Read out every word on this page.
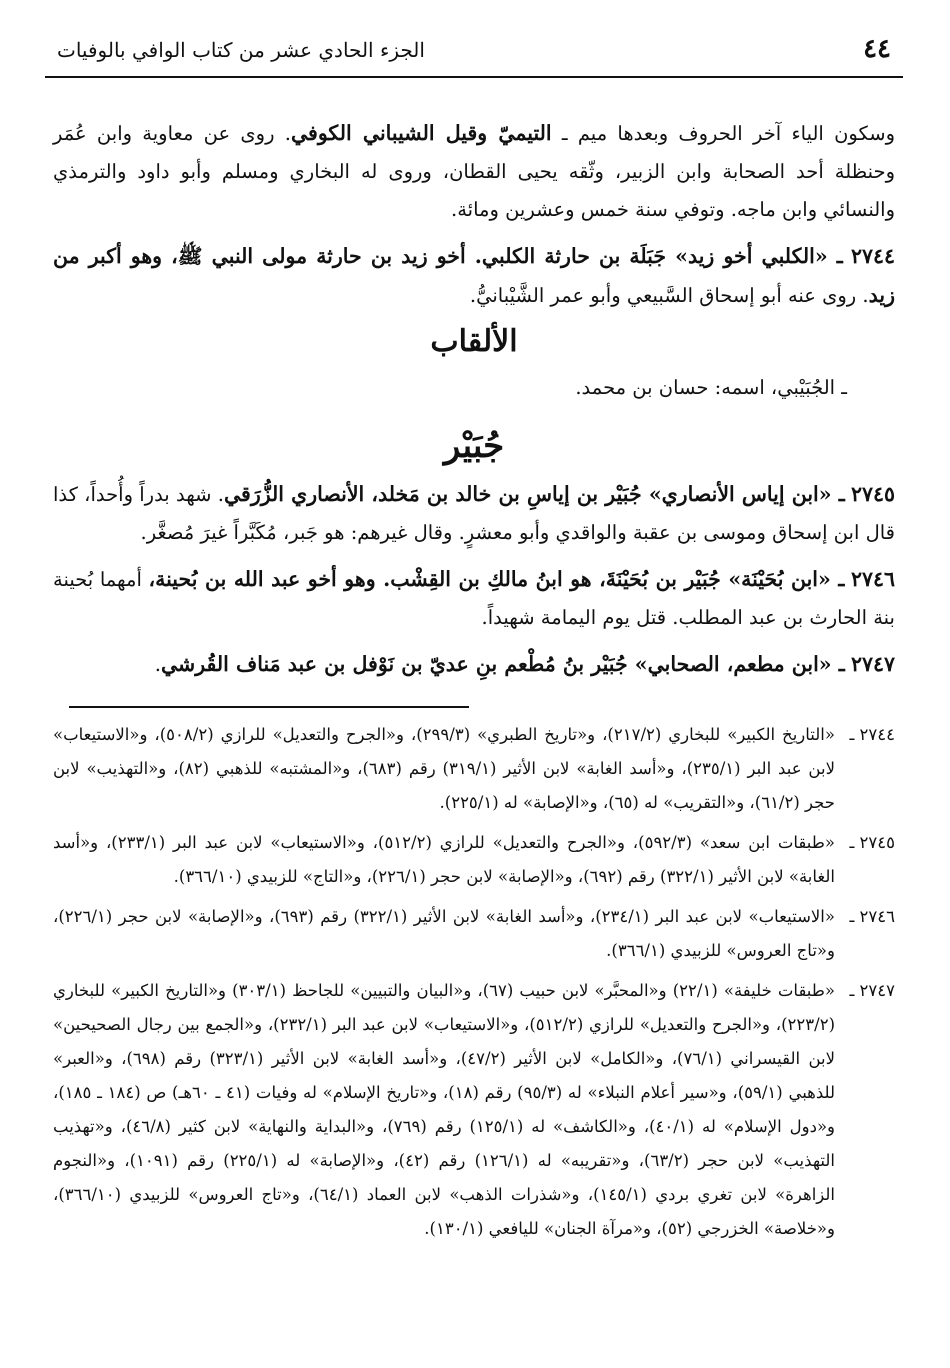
٤٤
الجزء الحادي عشر من كتاب الوافي بالوفيات

وسكون الياء آخر الحروف وبعدها ميم ـ التيميّ وقيل الشيباني الكوفي. روى عن معاوية وابن عُمَر وحنظلة أحد الصحابة وابن الزبير، وثّقه يحيى القطان، وروى له البخاري ومسلم وأبو داود والترمذي والنسائي وابن ماجه. وتوفي سنة خمس وعشرين ومائة.

٢٧٤٤ ـ «الكلبي أخو زيد» جَبَلَة بن حارثة الكلبي. أخو زيد بن حارثة مولى النبي ﷺ، وهو أكبر من زيد. روى عنه أبو إسحاق السَّبيعي وأبو عمر الشَّيْبانيُّ.

الألقاب
ـ الجُبَيْبي، اسمه: حسان بن محمد.
جُبَيْر

٢٧٤٥ ـ «ابن إياس الأنصاري» جُبَيْر بن إياسِ بن خالد بن مَخلد، الأنصاري الزُّرَقي. شهد بدراً وأُحداً، كذا قال ابن إسحاق وموسى بن عقبة والواقدي وأبو معشرٍ. وقال غيرهم: هو جَبر، مُكَبَّراً غيرَ مُصغَّر.

٢٧٤٦ ـ «ابن بُحَيْنَة» جُبَيْر بن بُحَيْنَةَ، هو ابنُ مالكِ بن القِشْب. وهو أخو عبد الله بن بُحينة، أمهما بُحينة بنة الحارث بن عبد المطلب. قتل يوم اليمامة شهيداً.

٢٧٤٧ ـ «ابن مطعم، الصحابي» جُبَيْر بنُ مُطْعم بنِ عديّ بن نَوْفل بن عبد مَناف القُرشي.

٢٧٤٤ ـ
«التاريخ الكبير» للبخاري (٢١٧/٢)، و«تاريخ الطبري» (٢٩٩/٣)، و«الجرح والتعديل» للرازي (٥٠٨/٢)، و«الاستيعاب» لابن عبد البر (٢٣٥/١)، و«أسد الغابة» لابن الأثير (٣١٩/١) رقم (٦٨٣)، و«المشتبه» للذهبي (٨٢)، و«التهذيب» لابن حجر (٦١/٢)، و«التقريب» له (٦٥)، و«الإصابة» له (٢٢٥/١).
٢٧٤٥ ـ
«طبقات ابن سعد» (٥٩٢/٣)، و«الجرح والتعديل» للرازي (٥١٢/٢)، و«الاستيعاب» لابن عبد البر (٢٣٣/١)، و«أسد الغابة» لابن الأثير (٣٢٢/١) رقم (٦٩٢)، و«الإصابة» لابن حجر (٢٢٦/١)، و«التاج» للزبيدي (٣٦٦/١٠).
٢٧٤٦ ـ
«الاستيعاب» لابن عبد البر (٢٣٤/١)، و«أسد الغابة» لابن الأثير (٣٢٢/١) رقم (٦٩٣)، و«الإصابة» لابن حجر (٢٢٦/١)، و«تاج العروس» للزبيدي (٣٦٦/١).
٢٧٤٧ ـ
«طبقات خليفة» (٢٢/١) و«المحبَّر» لابن حبيب (٦٧)، و«البيان والتبيين» للجاحظ (٣٠٣/١) و«التاريخ الكبير» للبخاري (٢٢٣/٢)، و«الجرح والتعديل» للرازي (٥١٢/٢)، و«الاستيعاب» لابن عبد البر (٢٣٢/١)، و«الجمع بين رجال الصحيحين» لابن القيسراني (٧٦/١)، و«الكامل» لابن الأثير (٤٧/٢)، و«أسد الغابة» لابن الأثير (٣٢٣/١) رقم (٦٩٨)، و«العبر» للذهبي (٥٩/١)، و«سير أعلام النبلاء» له (٩٥/٣) رقم (١٨)، و«تاريخ الإسلام» له وفيات (٤١ ـ ٦٠هـ) ص (١٨٤ ـ ١٨٥)، و«دول الإسلام» له (٤٠/١)، و«الكاشف» له (١٢٥/١) رقم (٧٦٩)، و«البداية والنهاية» لابن كثير (٤٦/٨)، و«تهذيب التهذيب» لابن حجر (٦٣/٢)، و«تقريبه» له (١٢٦/١) رقم (٤٢)، و«الإصابة» له (٢٢٥/١) رقم (١٠٩١)، و«النجوم الزاهرة» لابن تغري بردي (١٤٥/١)، و«شذرات الذهب» لابن العماد (٦٤/١)، و«تاج العروس» للزبيدي (٣٦٦/١٠)، و«خلاصة» الخزرجي (٥٢)، و«مرآة الجنان» لليافعي (١٣٠/١).
